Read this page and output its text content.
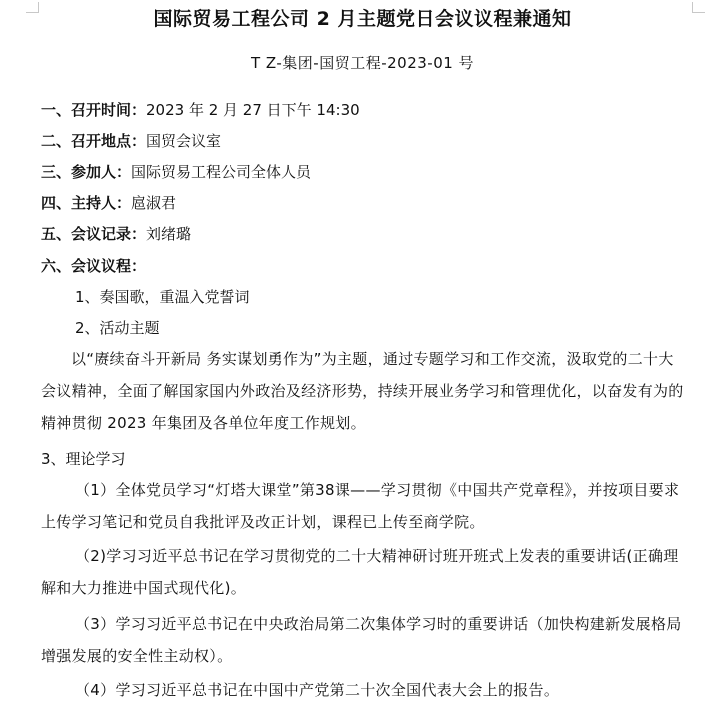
国际贸易工程公司 2 月主题党日会议议程兼通知
T Z-集团-国贸工程-2023-01 号
一、召开时间：2023 年 2 月 27 日下午 14:30
二、召开地点：国贸会议室
三、参加人：国际贸易工程公司全体人员
四、主持人：扈淑君
五、会议记录：刘绪璐
六、会议议程：
1、奏国歌，重温入党誓词
2、活动主题
以“赓续奋斗开新局 务实谋划勇作为”为主题，通过专题学习和工作交流，汲取党的二十大会议精神，全面了解国家国内外政治及经济形势，持续开展业务学习和管理优化，以奋发有为的精神贯彻 2023 年集团及各单位年度工作规划。
3、理论学习
（1）全体党员学习“灯塔大课堂”第38课——学习贯彻《中国共产党章程》，并按项目要求上传学习笔记和党员自我批评及改正计划，课程已上传至商学院。
（2)学习习近平总书记在学习贯彻党的二十大精神研讨班开班式上发表的重要讲话(正确理解和大力推进中国式现代化)。
（3）学习习近平总书记在中央政治局第二次集体学习时的重要讲话（加快构建新发展格局 增强发展的安全性主动权）。
（4）学习习近平总书记在中国中产党第二十次全国代表大会上的报告。
